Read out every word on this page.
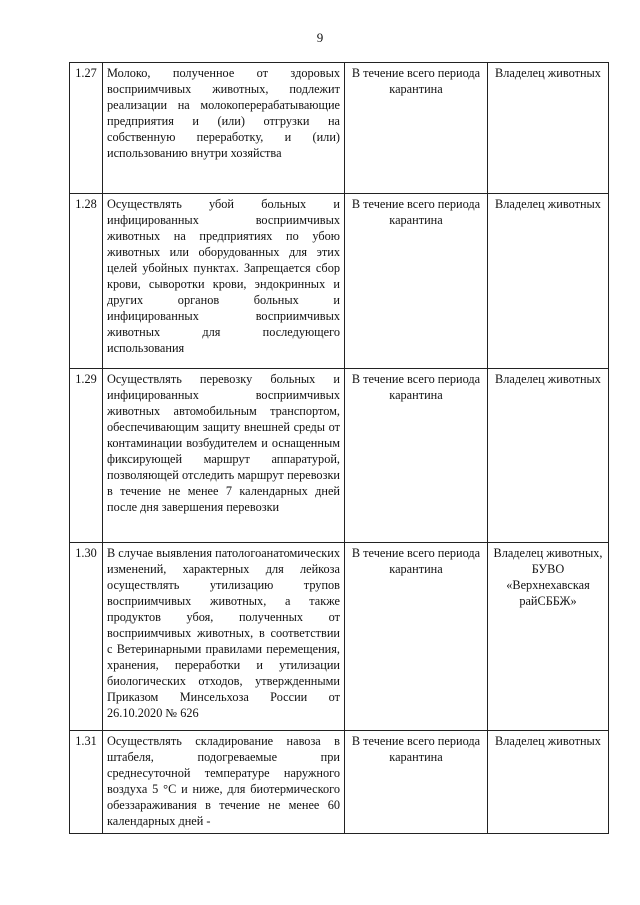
9
1.27	Молоко, полученное от здоровых восприимчивых животных, подлежит реализации на молокоперерабатывающие предприятия и (или) отгрузки на собственную переработку, и (или) использованию внутри хозяйства	В течение всего периода карантина	Владелец животных
1.28	Осуществлять убой больных и инфицированных восприимчивых животных на предприятиях по убою животных или оборудованных для этих целей убойных пунктах. Запрещается сбор крови, сыворотки крови, эндокринных и других органов больных и инфицированных восприимчивых животных для последующего использования	В течение всего периода карантина	Владелец животных
1.29	Осуществлять перевозку больных и инфицированных восприимчивых животных автомобильным транспортом, обеспечивающим защиту внешней среды от контаминации возбудителем и оснащенным фиксирующей маршрут аппаратурой, позволяющей отследить маршрут перевозки в течение не менее 7 календарных дней после дня завершения перевозки	В течение всего периода карантина	Владелец животных
1.30	В случае выявления патологоанатомических изменений, характерных для лейкоза осуществлять утилизацию трупов восприимчивых животных, а также продуктов убоя, полученных от восприимчивых животных, в соответствии с Ветеринарными правилами перемещения, хранения, переработки и утилизации биологических отходов, утвержденными Приказом Минсельхоза России от 26.10.2020 № 626	В течение всего периода карантина	Владелец животных, БУВО «Верхнехавская райСББЖ»
1.31	Осуществлять складирование навоза в штабеля, подогреваемые при среднесуточной температуре наружного воздуха 5 °С и ниже, для биотермического обеззараживания в течение не менее 60 календарных дней -	В течение всего периода карантина	Владелец животных
